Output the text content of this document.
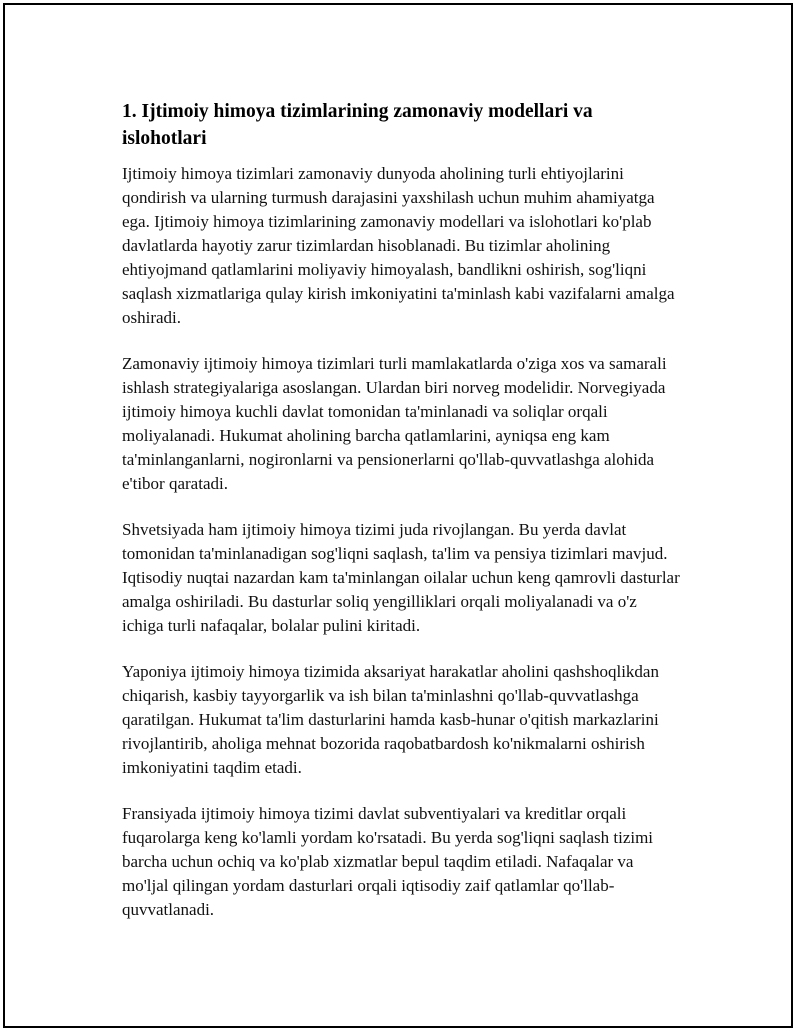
1. Ijtimoiy himoya tizimlarining zamonaviy modellari va islohotlari

Ijtimoiy himoya tizimlari zamonaviy dunyoda aholining turli ehtiyojlarini qondirish va ularning turmush darajasini yaxshilash uchun muhim ahamiyatga ega. Ijtimoiy himoya tizimlarining zamonaviy modellari va islohotlari ko'plab davlatlarda hayotiy zarur tizimlardan hisoblanadi. Bu tizimlar aholining ehtiyojmand qatlamlarini moliyaviy himoyalash, bandlikni oshirish, sog'liqni saqlash xizmatlariga qulay kirish imkoniyatini ta'minlash kabi vazifalarni amalga oshiradi.

Zamonaviy ijtimoiy himoya tizimlari turli mamlakatlarda o'ziga xos va samarali ishlash strategiyalariga asoslangan. Ulardan biri norveg modelidir. Norvegiyada ijtimoiy himoya kuchli davlat tomonidan ta'minlanadi va soliqlar orqali moliyalanadi. Hukumat aholining barcha qatlamlarini, ayniqsa eng kam ta'minlanganlarni, nogironlarni va pensionerlarni qo'llab-quvvatlashga alohida e'tibor qaratadi.

Shvetsiyada ham ijtimoiy himoya tizimi juda rivojlangan. Bu yerda davlat tomonidan ta'minlanadigan sog'liqni saqlash, ta'lim va pensiya tizimlari mavjud. Iqtisodiy nuqtai nazardan kam ta'minlangan oilalar uchun keng qamrovli dasturlar amalga oshiriladi. Bu dasturlar soliq yengilliklari orqali moliyalanadi va o'z ichiga turli nafaqalar, bolalar pulini kiritadi.

Yaponiya ijtimoiy himoya tizimida aksariyat harakatlar aholini qashshoqlikdan chiqarish, kasbiy tayyorgarlik va ish bilan ta'minlashni qo'llab-quvvatlashga qaratilgan. Hukumat ta'lim dasturlarini hamda kasb-hunar o'qitish markazlarini rivojlantirib, aholiga mehnat bozorida raqobatbardosh ko'nikmalarni oshirish imkoniyatini taqdim etadi.

Fransiyada ijtimoiy himoya tizimi davlat subventiyalari va kreditlar orqali fuqarolarga keng ko'lamli yordam ko'rsatadi. Bu yerda sog'liqni saqlash tizimi barcha uchun ochiq va ko'plab xizmatlar bepul taqdim etiladi. Nafaqalar va mo'ljal qilingan yordam dasturlari orqali iqtisodiy zaif qatlamlar qo'llab-quvvatlanadi.
